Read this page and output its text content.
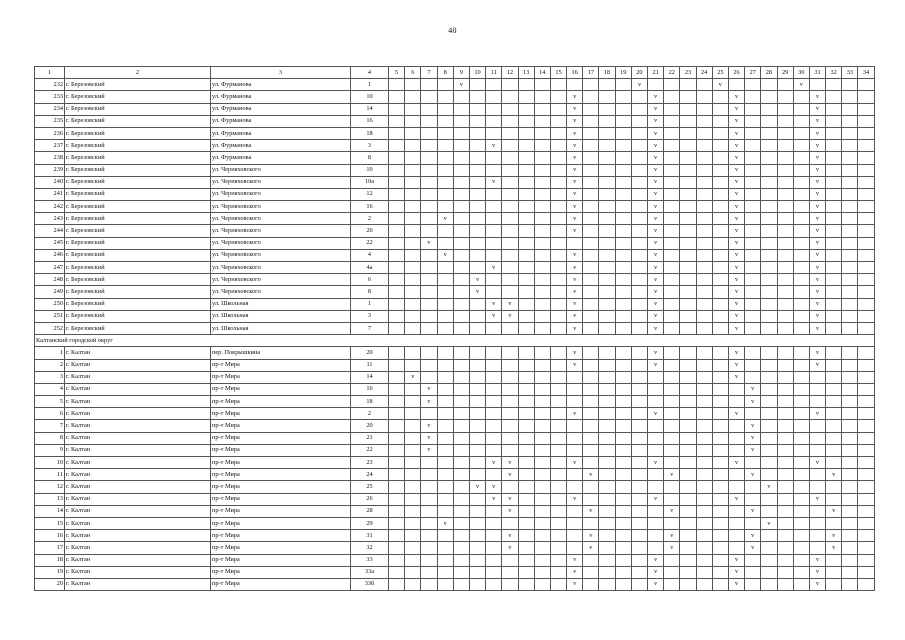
40
1	2	3	4	5	6	7	8	9	10	11	12	13	14	15	16	17	18	19	20	21	22	23	24	25	26	27	28	29	30	31	32	33	34
232	г. Березовский	ул. Фурманова	1					v											v					v					v				
233	г. Березовский	ул. Фурманова	10												v					v					v					v			
234	г. Березовский	ул. Фурманова	14												v					v					v					v			
235	г. Березовский	ул. Фурманова	16												v					v					v					v			
236	г. Березовский	ул. Фурманова	18												v					v					v					v			
237	г. Березовский	ул. Фурманова	3							v					v					v					v					v			
238	г. Березовский	ул. Фурманова	8												v					v					v					v			
239	г. Березовский	ул. Черняховского	10												v					v					v					v			
240	г. Березовский	ул. Черняховского	10а							v					v					v					v					v			
241	г. Березовский	ул. Черняховского	12												v					v					v					v			
242	г. Березовский	ул. Черняховского	16												v					v					v					v			
243	г. Березовский	ул. Черняховского	2				v								v					v					v					v			
244	г. Березовский	ул. Черняховского	20												v					v					v					v			
245	г. Березовский	ул. Черняховского	22			v														v					v					v			
246	г. Березовский	ул. Черняховского	4				v								v					v					v					v			
247	г. Березовский	ул. Черняховского	4а							v					v					v					v					v			
248	г. Березовский	ул. Черняховского	6						v						v					v					v					v			
249	г. Березовский	ул. Черняховского	8						v						v					v					v					v			
250	г. Березовский	ул. Школьная	1							v	v				v					v					v					v			
251	г. Березовский	ул. Школьная	3							v	v				v					v					v					v			
252	г. Березовский	ул. Школьная	7												v					v					v					v			
Калтанский городской округ																																	
1	г. Калтан	пер. Покрышкина	20												v					v					v					v			
2	г. Калтан	пр-т Мира	11												v					v					v					v			
3	г. Калтан	пр-т Мира	14		v																				v								
4	г. Калтан	пр-т Мира	16			v																				v							
5	г. Калтан	пр-т Мира	18			v																				v							
6	г. Калтан	пр-т Мира	2												v					v					v					v			
7	г. Калтан	пр-т Мира	20			v																				v							
8	г. Калтан	пр-т Мира	21			v																				v							
9	г. Калтан	пр-т Мира	22			v																				v							
10	г. Калтан	пр-т Мира	23							v	v				v					v					v					v			
11	г. Калтан	пр-т Мира	24								v					v					v					v					v		
12	г. Калтан	пр-т Мира	25						v	v																	v						
13	г. Калтан	пр-т Мира	26							v	v				v					v					v					v			
14	г. Калтан	пр-т Мира	28								v					v					v					v					v		
15	г. Калтан	пр-т Мира	29				v																				v						
16	г. Калтан	пр-т Мира	31								v					v					v					v					v		
17	г. Калтан	пр-т Мира	32								v					v					v					v					v		
18	г. Калтан	пр-т Мира	33												v					v					v					v			
19	г. Калтан	пр-т Мира	33а												v					v					v					v			
20	г. Калтан	пр-т Мира	33б												v					v					v					v			
